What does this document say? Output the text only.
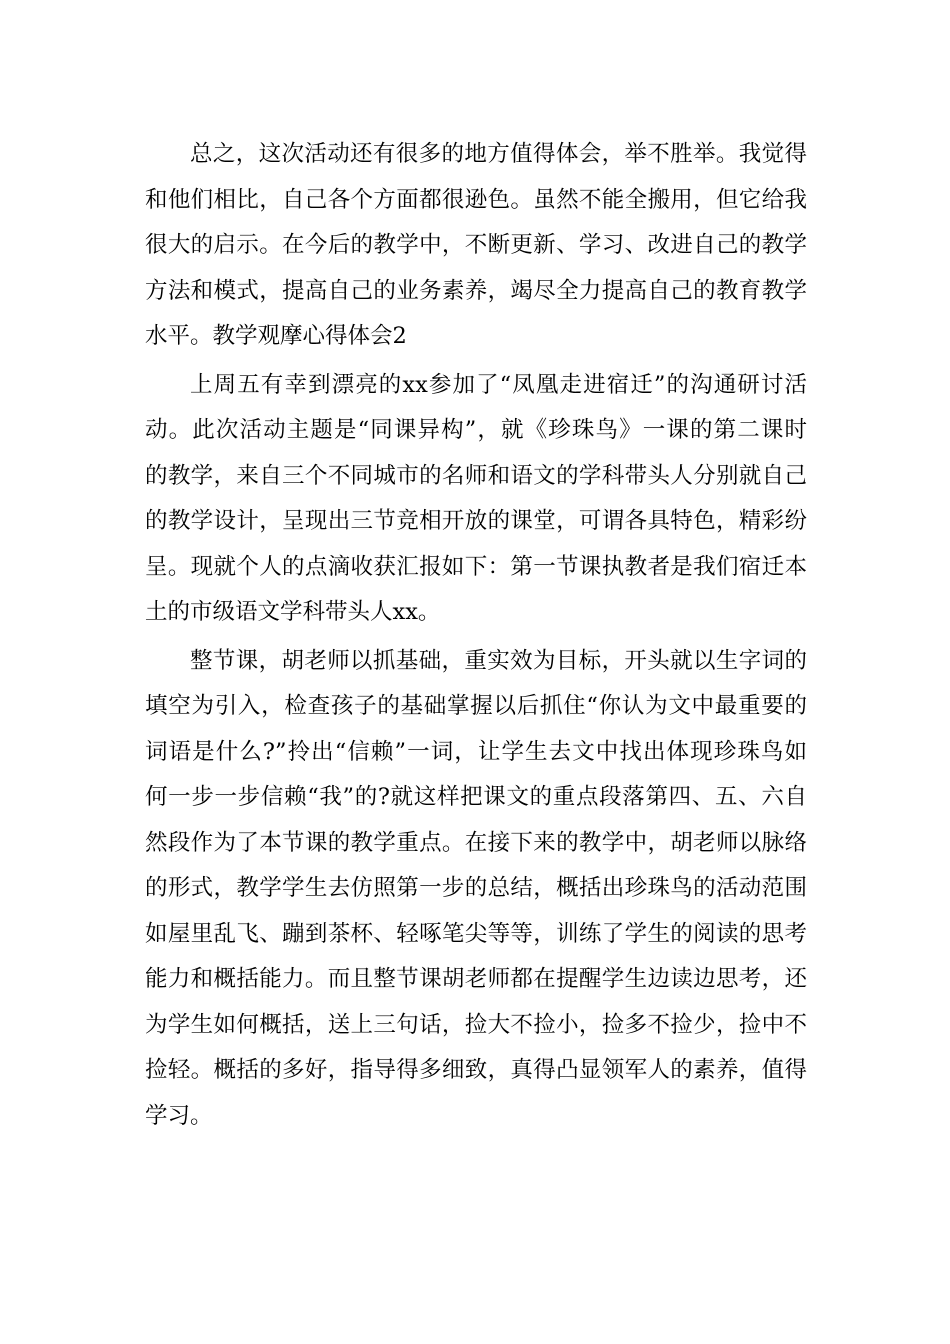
总之，这次活动还有很多的地方值得体会，举不胜举。我觉得
和他们相比，自己各个方面都很逊色。虽然不能全搬用，但它给我
很大的启示。在今后的教学中，不断更新、学习、改进自己的教学
方法和模式，提高自己的业务素养，竭尽全力提高自己的教育教学
水平。教学观摩心得体会2
上周五有幸到漂亮的xx参加了“凤凰走进宿迁”的沟通研讨活
动。此次活动主题是“同课异构”，就《珍珠鸟》一课的第二课时
的教学，来自三个不同城市的名师和语文的学科带头人分别就自己
的教学设计，呈现出三节竞相开放的课堂，可谓各具特色，精彩纷
呈。现就个人的点滴收获汇报如下：第一节课执教者是我们宿迁本
土的市级语文学科带头人xx。
整节课，胡老师以抓基础，重实效为目标，开头就以生字词的
填空为引入，检查孩子的基础掌握以后抓住“你认为文中最重要的
词语是什么?”拎出“信赖”一词，让学生去文中找出体现珍珠鸟如
何一步一步信赖“我”的?就这样把课文的重点段落第四、五、六自
然段作为了本节课的教学重点。在接下来的教学中，胡老师以脉络
的形式，教学学生去仿照第一步的总结，概括出珍珠鸟的活动范围
如屋里乱飞、蹦到茶杯、轻啄笔尖等等，训练了学生的阅读的思考
能力和概括能力。而且整节课胡老师都在提醒学生边读边思考，还
为学生如何概括，送上三句话，捡大不捡小，捡多不捡少，捡中不
捡轻。概括的多好，指导得多细致，真得凸显领军人的素养，值得
学习。
